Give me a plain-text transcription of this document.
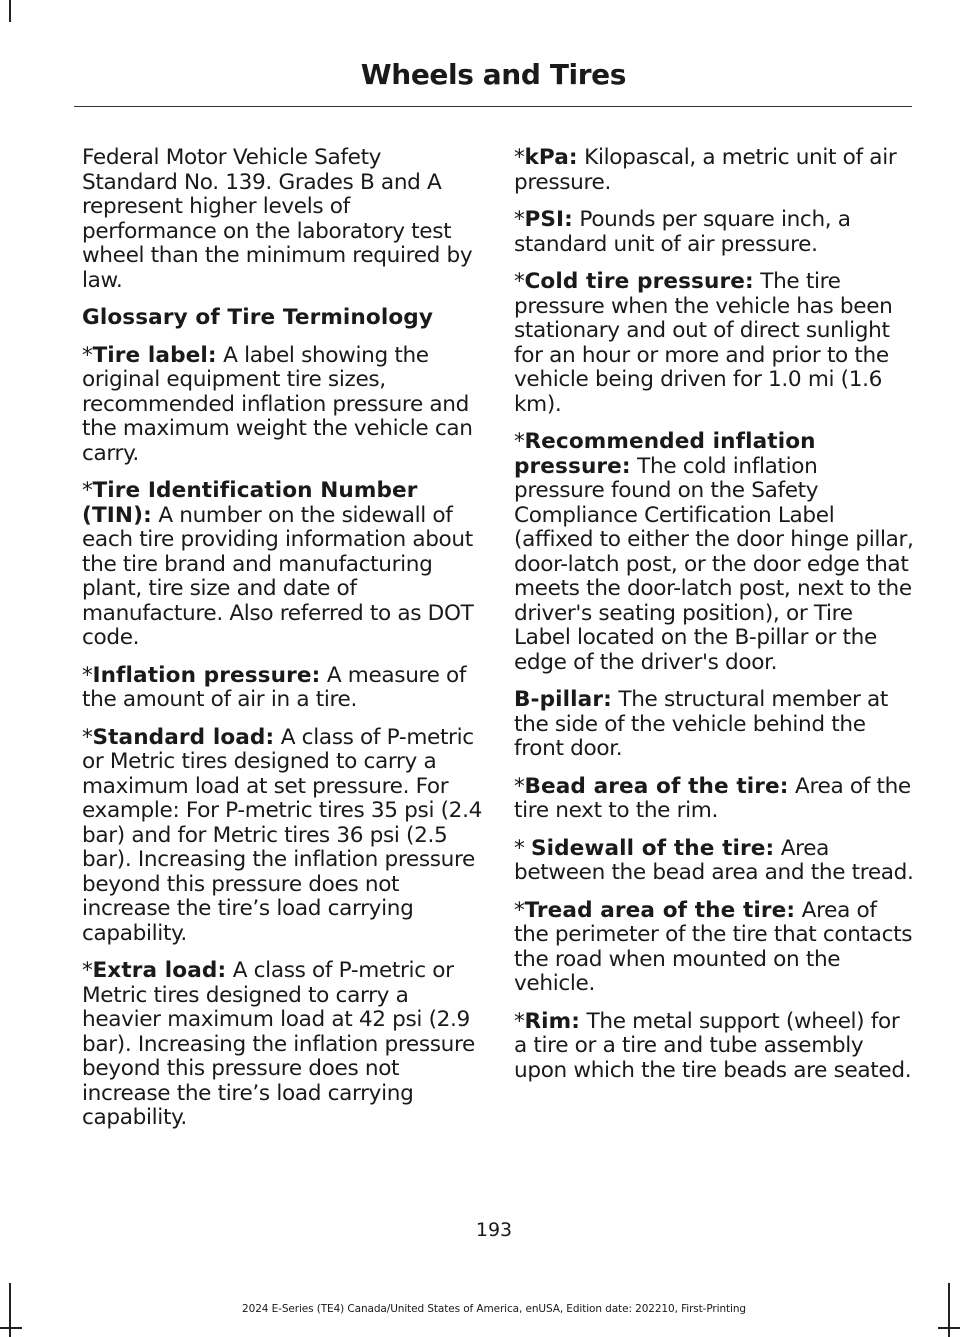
Wheels and Tires

Federal Motor Vehicle Safety Standard No. 139. Grades B and A represent higher levels of performance on the laboratory test wheel than the minimum required by law.

Glossary of Tire Terminology

*Tire label: A label showing the original equipment tire sizes, recommended inflation pressure and the maximum weight the vehicle can carry.

*Tire Identification Number (TIN): A number on the sidewall of each tire providing information about the tire brand and manufacturing plant, tire size and date of manufacture. Also referred to as DOT code.

*Inflation pressure: A measure of the amount of air in a tire.

*Standard load: A class of P-metric or Metric tires designed to carry a maximum load at set pressure. For example: For P-metric tires 35 psi (2.4 bar) and for Metric tires 36 psi (2.5 bar). Increasing the inflation pressure beyond this pressure does not increase the tire’s load carrying capability.

*Extra load: A class of P-metric or Metric tires designed to carry a heavier maximum load at 42 psi (2.9 bar). Increasing the inflation pressure beyond this pressure does not increase the tire’s load carrying capability.

*kPa: Kilopascal, a metric unit of air pressure.

*PSI: Pounds per square inch, a standard unit of air pressure.

*Cold tire pressure: The tire pressure when the vehicle has been stationary and out of direct sunlight for an hour or more and prior to the vehicle being driven for 1.0 mi (1.6 km).

*Recommended inflation pressure: The cold inflation pressure found on the Safety Compliance Certification Label (affixed to either the door hinge pillar, door-latch post, or the door edge that meets the door-latch post, next to the driver's seating position), or Tire Label located on the B-pillar or the edge of the driver's door.

B-pillar: The structural member at the side of the vehicle behind the front door.

*Bead area of the tire: Area of the tire next to the rim.

* Sidewall of the tire: Area between the bead area and the tread.

*Tread area of the tire: Area of the perimeter of the tire that contacts the road when mounted on the vehicle.

*Rim: The metal support (wheel) for a tire or a tire and tube assembly upon which the tire beads are seated.

193
2024 E-Series (TE4) Canada/United States of America, enUSA, Edition date: 202210, First-Printing
